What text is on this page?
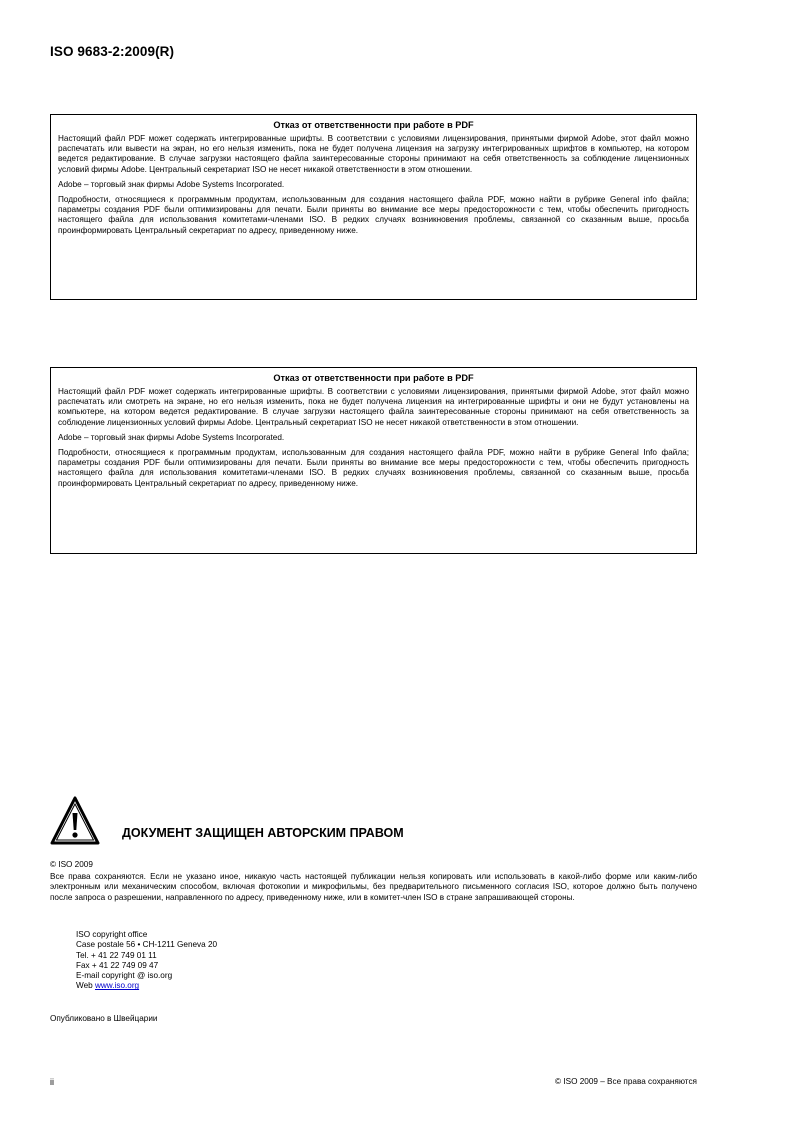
ISO 9683-2:2009(R)
Отказ от ответственности при работе в PDF

Настоящий файл PDF может содержать интегрированные шрифты. В соответствии с условиями лицензирования, принятыми фирмой Adobe, этот файл можно распечатать или вывести на экран, но его нельзя изменить, пока не будет получена лицензия на загрузку интегрированных шрифтов в компьютер, на котором ведется редактирование. В случае загрузки настоящего файла заинтересованные стороны принимают на себя ответственность за соблюдение лицензионных условий фирмы Adobe. Центральный секретариат ISO не несет никакой ответственности в этом отношении.

Adobe – торговый знак фирмы Adobe Systems Incorporated.

Подробности, относящиеся к программным продуктам, использованным для создания настоящего файла PDF, можно найти в рубрике General info файла; параметры создания PDF были оптимизированы для печати. Были приняты во внимание все меры предосторожности с тем, чтобы обеспечить пригодность настоящего файла для использования комитетами-членами ISO. В редких случаях возникновения проблемы, связанной со сказанным выше, просьба проинформировать Центральный секретариат по адресу, приведенному ниже.

Отказ от ответственности при работе в PDF

Настоящий файл PDF может содержать интегрированные шрифты. В соответствии с условиями лицензирования, принятыми фирмой Adobe, этот файл можно распечатать или смотреть на экране, но его нельзя изменить, пока не будет получена лицензия на интегрированные шрифты и они не будут установлены на компьютере, на котором ведется редактирование. В случае загрузки настоящего файла заинтересованные стороны принимают на себя ответственность за соблюдение лицензионных условий фирмы Adobe. Центральный секретариат ISO не несет никакой ответственности в этом отношении.

Adobe – торговый знак фирмы Adobe Systems Incorporated.

Подробности, относящиеся к программным продуктам, использованным для создания настоящего файла PDF, можно найти в рубрике General Info файла; параметры создания PDF были оптимизированы для печати. Были приняты во внимание все меры предосторожности с тем, чтобы обеспечить пригодность настоящего файла для использования комитетами-членами ISO. В редких случаях возникновения проблемы, связанной со сказанным выше, просьба проинформировать Центральный секретариат по адресу, приведенному ниже.

ДОКУМЕНТ ЗАЩИЩЕН АВТОРСКИМ ПРАВОМ
© ISO 2009

Все права сохраняются. Если не указано иное, никакую часть настоящей публикации нельзя копировать или использовать в какой-либо форме или каким-либо электронным или механическим способом, включая фотокопии и микрофильмы, без предварительного письменного согласия ISO, которое должно быть получено после запроса о разрешении, направленного по адресу, приведенному ниже, или в комитет-член ISO в стране запрашивающей стороны.

ISO copyright office
Case postale 56 • CH-1211 Geneva 20
Tel. + 41 22 749 01 11
Fax + 41 22 749 09 47
E-mail copyright @ iso.org
Web www.iso.org
Опубликовано в Швейцарии
ii	© ISO 2009 – Все права сохраняются
